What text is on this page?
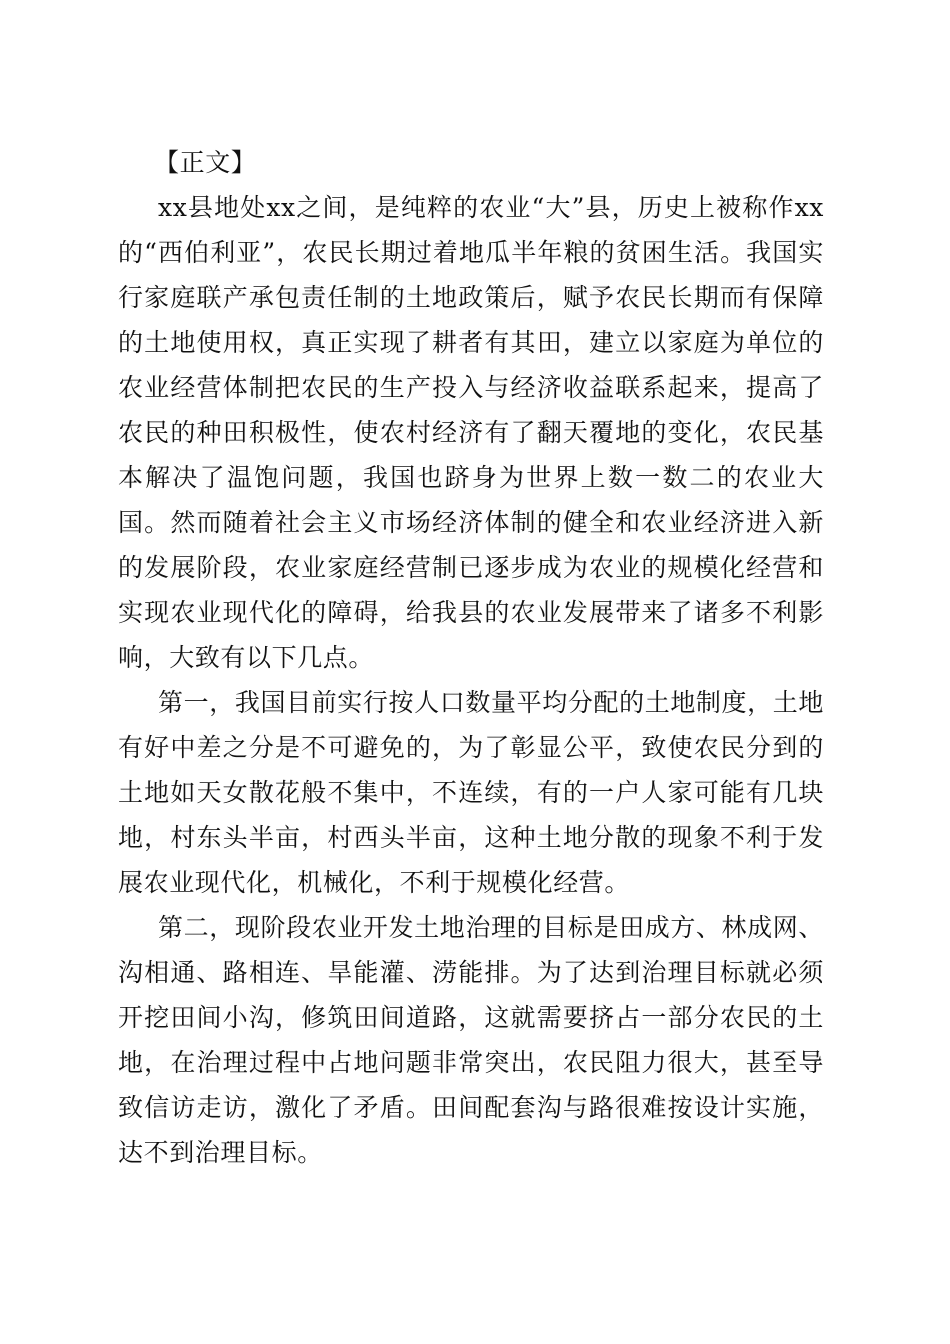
【正文】

xx县地处xx之间，是纯粹的农业“大”县，历史上被称作xx的“西伯利亚”，农民长期过着地瓜半年粮的贫困生活。我国实行家庭联产承包责任制的土地政策后，赋予农民长期而有保障的土地使用权，真正实现了耕者有其田，建立以家庭为单位的农业经营体制把农民的生产投入与经济收益联系起来，提高了农民的种田积极性，使农村经济有了翻天覆地的变化，农民基本解决了温饱问题，我国也跻身为世界上数一数二的农业大国。然而随着社会主义市场经济体制的健全和农业经济进入新的发展阶段，农业家庭经营制已逐步成为农业的规模化经营和实现农业现代化的障碍，给我县的农业发展带来了诸多不利影响，大致有以下几点。

第一，我国目前实行按人口数量平均分配的土地制度，土地有好中差之分是不可避免的，为了彰显公平，致使农民分到的土地如天女散花般不集中，不连续，有的一户人家可能有几块地，村东头半亩，村西头半亩，这种土地分散的现象不利于发展农业现代化，机械化，不利于规模化经营。

第二，现阶段农业开发土地治理的目标是田成方、林成网、沟相通、路相连、旱能灌、涝能排。为了达到治理目标就必须开挖田间小沟，修筑田间道路，这就需要挤占一部分农民的土地，在治理过程中占地问题非常突出，农民阻力很大，甚至导致信访走访，激化了矛盾。田间配套沟与路很难按设计实施，达不到治理目标。
